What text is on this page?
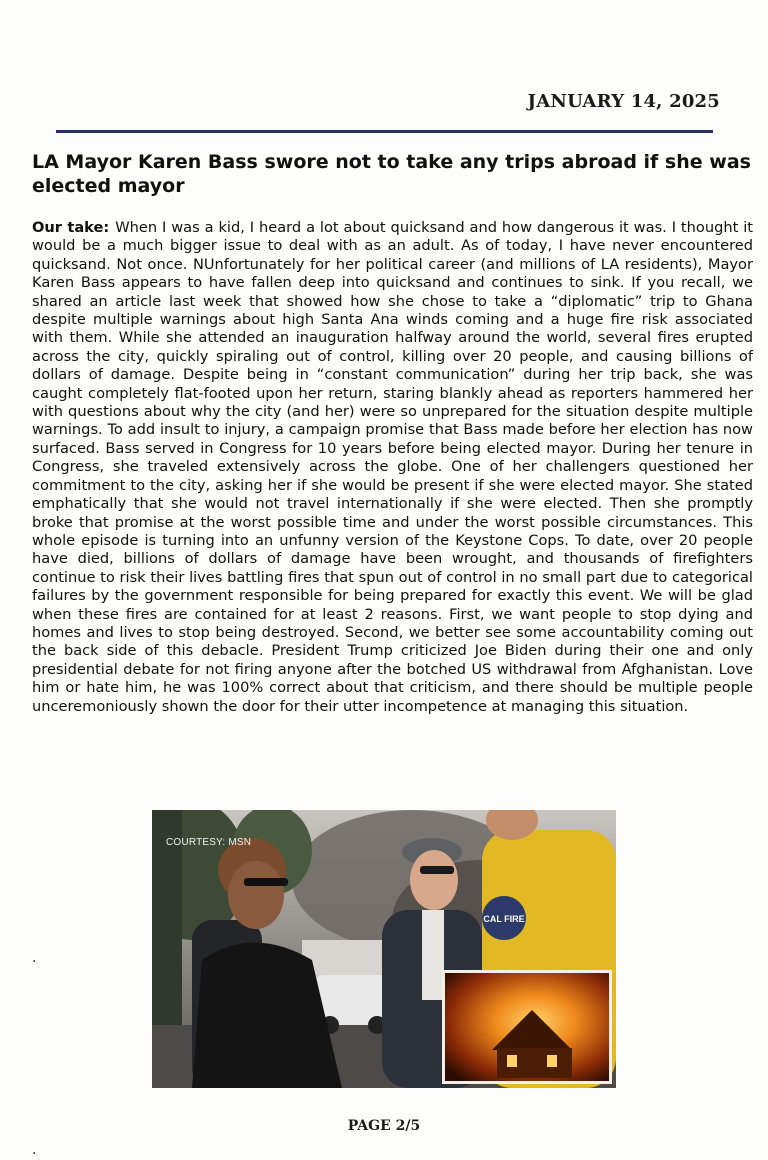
JANUARY 14, 2025
LA Mayor Karen Bass swore not to take any trips abroad if she was elected mayor

Our take: When I was a kid, I heard a lot about quicksand and how dangerous it was. I thought it would be a much bigger issue to deal with as an adult. As of today, I have never encountered quicksand. Not once. NUnfortunately for her political career (and millions of LA residents), Mayor Karen Bass appears to have fallen deep into quicksand and continues to sink. If you recall, we shared an article last week that showed how she chose to take a “diplomatic” trip to Ghana despite multiple warnings about high Santa Ana winds coming and a huge fire risk associated with them. While she attended an inauguration halfway around the world, several fires erupted across the city, quickly spiraling out of control, killing over 20 people, and causing billions of dollars of damage. Despite being in “constant communication” during her trip back, she was caught completely flat-footed upon her return, staring blankly ahead as reporters hammered her with questions about why the city (and her) were so unprepared for the situation despite multiple warnings. To add insult to injury, a campaign promise that Bass made before her election has now surfaced. Bass served in Congress for 10 years before being elected mayor. During her tenure in Congress, she traveled extensively across the globe. One of her challengers questioned her commitment to the city, asking her if she would be present if she were elected mayor. She stated emphatically that she would not travel internationally if she were elected. Then she promptly broke that promise at the worst possible time and under the worst possible circumstances. This whole episode is turning into an unfunny version of the Keystone Cops. To date, over 20 people have died, billions of dollars of damage have been wrought, and thousands of firefighters continue to risk their lives battling fires that spun out of control in no small part due to categorical failures by the government responsible for being prepared for exactly this event. We will be glad when these fires are contained for at least 2 reasons. First, we want people to stop dying and homes and lives to stop being destroyed. Second, we better see some accountability coming out the back side of this debacle. President Trump criticized Joe Biden during their one and only presidential debate for not firing anyone after the botched US withdrawal from Afghanistan. Love him or hate him, he was 100% correct about that criticism, and there should be multiple people unceremoniously shown the door for their utter incompetence at managing this situation.

CAL FIRE
COURTESY: MSN
.
PAGE 2/5
.
